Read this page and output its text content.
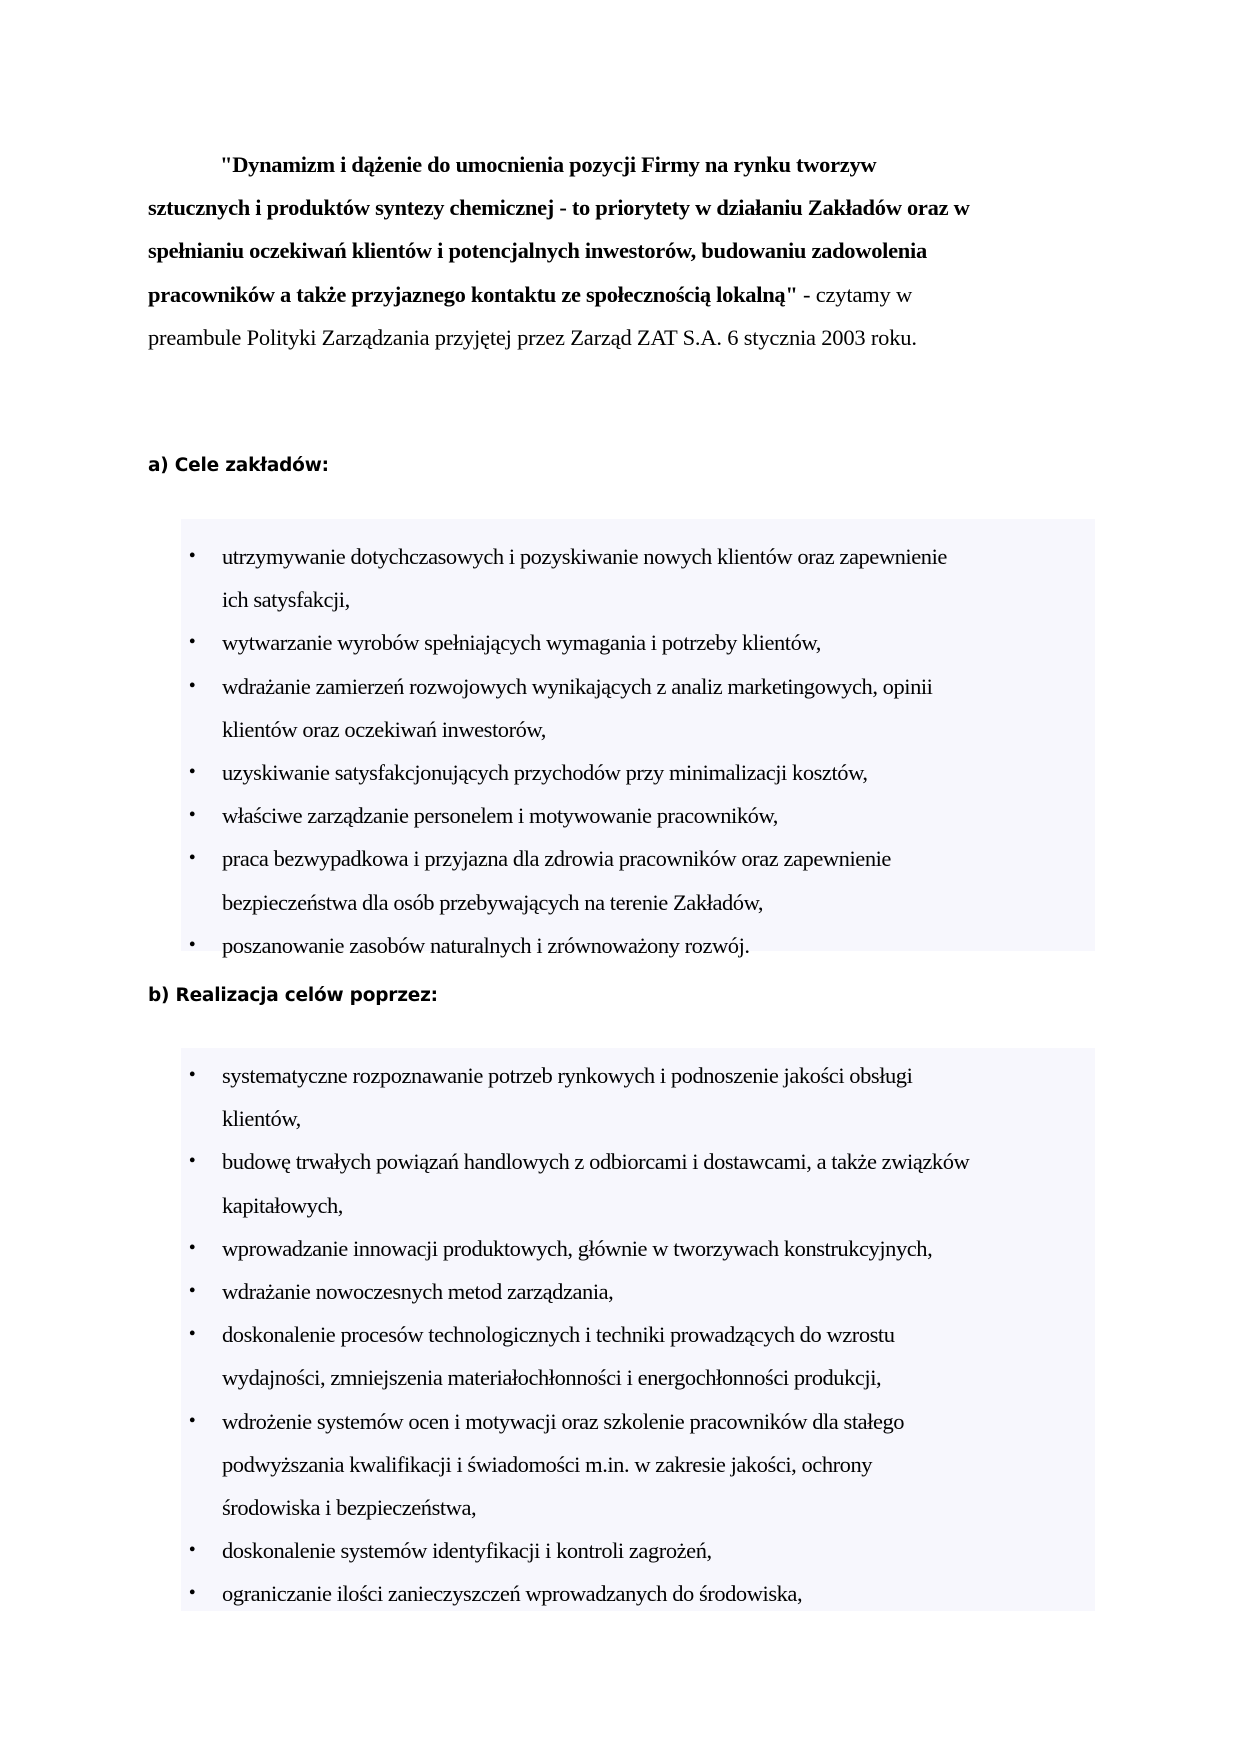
"Dynamizm i dążenie do umocnienia pozycji Firmy na rynku tworzyw
sztucznych i produktów syntezy chemicznej - to priorytety w działaniu Zakładów oraz w
spełnianiu oczekiwań klientów i potencjalnych inwestorów, budowaniu zadowolenia
pracowników a także przyjaznego kontaktu ze społecznością lokalną" - czytamy w
preambule Polityki Zarządzania przyjętej przez Zarząd ZAT S.A. 6 stycznia 2003 roku.
a) Cele zakładów:
• utrzymywanie dotychczasowych i pozyskiwanie nowych klientów oraz zapewnienie
ich satysfakcji,
• wytwarzanie wyrobów spełniających wymagania i potrzeby klientów,
• wdrażanie zamierzeń rozwojowych wynikających z analiz marketingowych, opinii
klientów oraz oczekiwań inwestorów,
• uzyskiwanie satysfakcjonujących przychodów przy minimalizacji kosztów,
• właściwe zarządzanie personelem i motywowanie pracowników,
• praca bezwypadkowa i przyjazna dla zdrowia pracowników oraz zapewnienie
bezpieczeństwa dla osób przebywających na terenie Zakładów,
• poszanowanie zasobów naturalnych i zrównoważony rozwój.
b) Realizacja celów poprzez:
• systematyczne rozpoznawanie potrzeb rynkowych i podnoszenie jakości obsługi
klientów,
• budowę trwałych powiązań handlowych z odbiorcami i dostawcami, a także związków
kapitałowych,
• wprowadzanie innowacji produktowych, głównie w tworzywach konstrukcyjnych,
• wdrażanie nowoczesnych metod zarządzania,
• doskonalenie procesów technologicznych i techniki prowadzących do wzrostu
wydajności, zmniejszenia materiałochłonności i energochłonności produkcji,
• wdrożenie systemów ocen i motywacji oraz szkolenie pracowników dla stałego
podwyższania kwalifikacji i świadomości m.in. w zakresie jakości, ochrony
środowiska i bezpieczeństwa,
• doskonalenie systemów identyfikacji i kontroli zagrożeń,
• ograniczanie ilości zanieczyszczeń wprowadzanych do środowiska,
